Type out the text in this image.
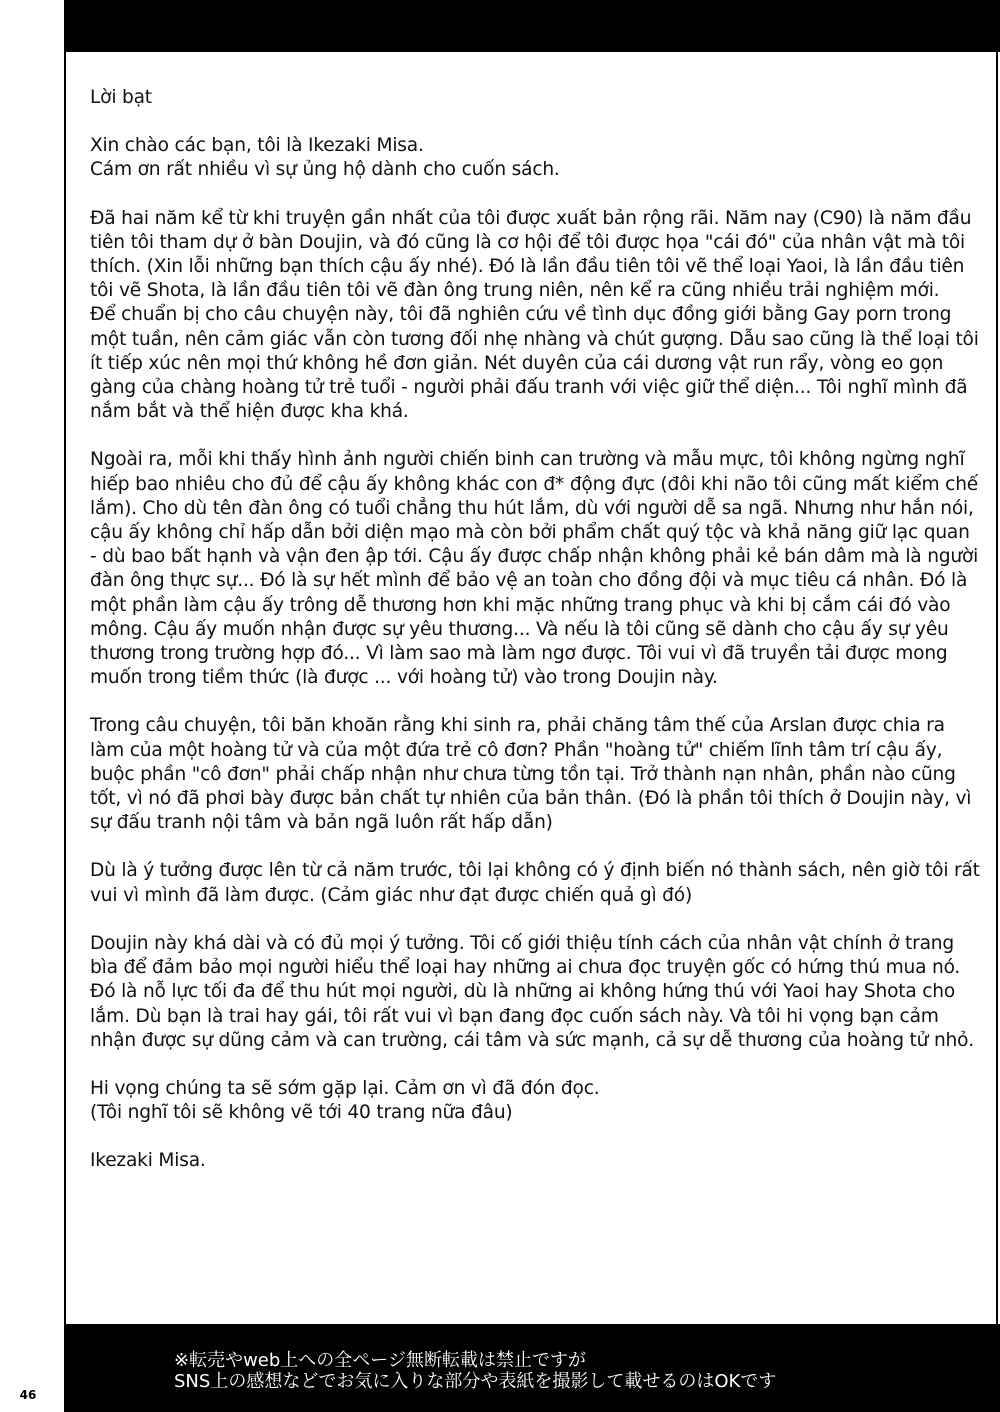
Lời bạt

Xin chào các bạn, tôi là Ikezaki Misa.
Cám ơn rất nhiều vì sự ủng hộ dành cho cuốn sách.

Đã hai năm kể từ khi truyện gần nhất của tôi được xuất bản rộng rãi. Năm nay (C90) là năm đầu tiên tôi tham dự ở bàn Doujin, và đó cũng là cơ hội để tôi được họa "cái đó" của nhân vật mà tôi thích. (Xin lỗi những bạn thích cậu ấy nhé). Đó là lần đầu tiên tôi vẽ thể loại Yaoi, là lần đầu tiên tôi vẽ Shota, là lần đầu tiên tôi vẽ đàn ông trung niên, nên kể ra cũng nhiều trải nghiệm mới.

Để chuẩn bị cho câu chuyện này, tôi đã nghiên cứu về tình dục đồng giới bằng Gay porn trong một tuần, nên cảm giác vẫn còn tương đối nhẹ nhàng và chút gượng. Dẫu sao cũng là thể loại tôi ít tiếp xúc nên mọi thứ không hề đơn giản. Nét duyên của cái dương vật run rẩy, vòng eo gọn gàng của chàng hoàng tử trẻ tuổi - người phải đấu tranh với việc giữ thể diện... Tôi nghĩ mình đã nắm bắt và thể hiện được kha khá.

Ngoài ra, mỗi khi thấy hình ảnh người chiến binh can trường và mẫu mực, tôi không ngừng nghĩ hiếp bao nhiêu cho đủ để cậu ấy không khác con đ* động đực (đôi khi não tôi cũng mất kiểm chế lắm). Cho dù tên đàn ông có tuổi chẳng thu hút lắm, dù với người dễ sa ngã. Nhưng như hắn nói, cậu ấy không chỉ hấp dẫn bởi diện mạo mà còn bởi phẩm chất quý tộc và khả năng giữ lạc quan - dù bao bất hạnh và vận đen ập tới. Cậu ấy được chấp nhận không phải kẻ bán dâm mà là người đàn ông thực sự... Đó là sự hết mình để bảo vệ an toàn cho đồng đội và mục tiêu cá nhân. Đó là một phần làm cậu ấy trông dễ thương hơn khi mặc những trang phục và khi bị cắm cái đó vào mông. Cậu ấy muốn nhận được sự yêu thương... Và nếu là tôi cũng sẽ dành cho cậu ấy sự yêu thương trong trường hợp đó... Vì làm sao mà làm ngơ được. Tôi vui vì đã truyền tải được mong muốn trong tiềm thức (là được ... với hoàng tử) vào trong Doujin này.

Trong câu chuyện, tôi băn khoăn rằng khi sinh ra, phải chăng tâm thế của Arslan được chia ra làm của một hoàng tử và của một đứa trẻ cô đơn? Phần "hoàng tử" chiếm lĩnh tâm trí cậu ấy, buộc phần "cô đơn" phải chấp nhận như chưa từng tồn tại. Trở thành nạn nhân, phần nào cũng tốt, vì nó đã phơi bày được bản chất tự nhiên của bản thân. (Đó là phần tôi thích ở Doujin này, vì sự đấu tranh nội tâm và bản ngã luôn rất hấp dẫn)

Dù là ý tưởng được lên từ cả năm trước, tôi lại không có ý định biến nó thành sách, nên giờ tôi rất vui vì mình đã làm được. (Cảm giác như đạt được chiến quả gì đó)

Doujin này khá dài và có đủ mọi ý tưởng. Tôi cố giới thiệu tính cách của nhân vật chính ở trang bìa để đảm bảo mọi người hiểu thể loại hay những ai chưa đọc truyện gốc có hứng thú mua nó. Đó là nỗ lực tối đa để thu hút mọi người, dù là những ai không hứng thú với Yaoi hay Shota cho lắm. Dù bạn là trai hay gái, tôi rất vui vì bạn đang đọc cuốn sách này. Và tôi hi vọng bạn cảm nhận được sự dũng cảm và can trường, cái tâm và sức mạnh, cả sự dễ thương của hoàng tử nhỏ.

Hi vọng chúng ta sẽ sớm gặp lại. Cảm ơn vì đã đón đọc.
(Tôi nghĩ tôi sẽ không vẽ tới 40 trang nữa đâu)

Ikezaki Misa.

※転売やweb上への全ページ無断転載は禁止ですが
SNS上の感想などでお気に入りな部分や表紙を撮影して載せるのはOKです
46
